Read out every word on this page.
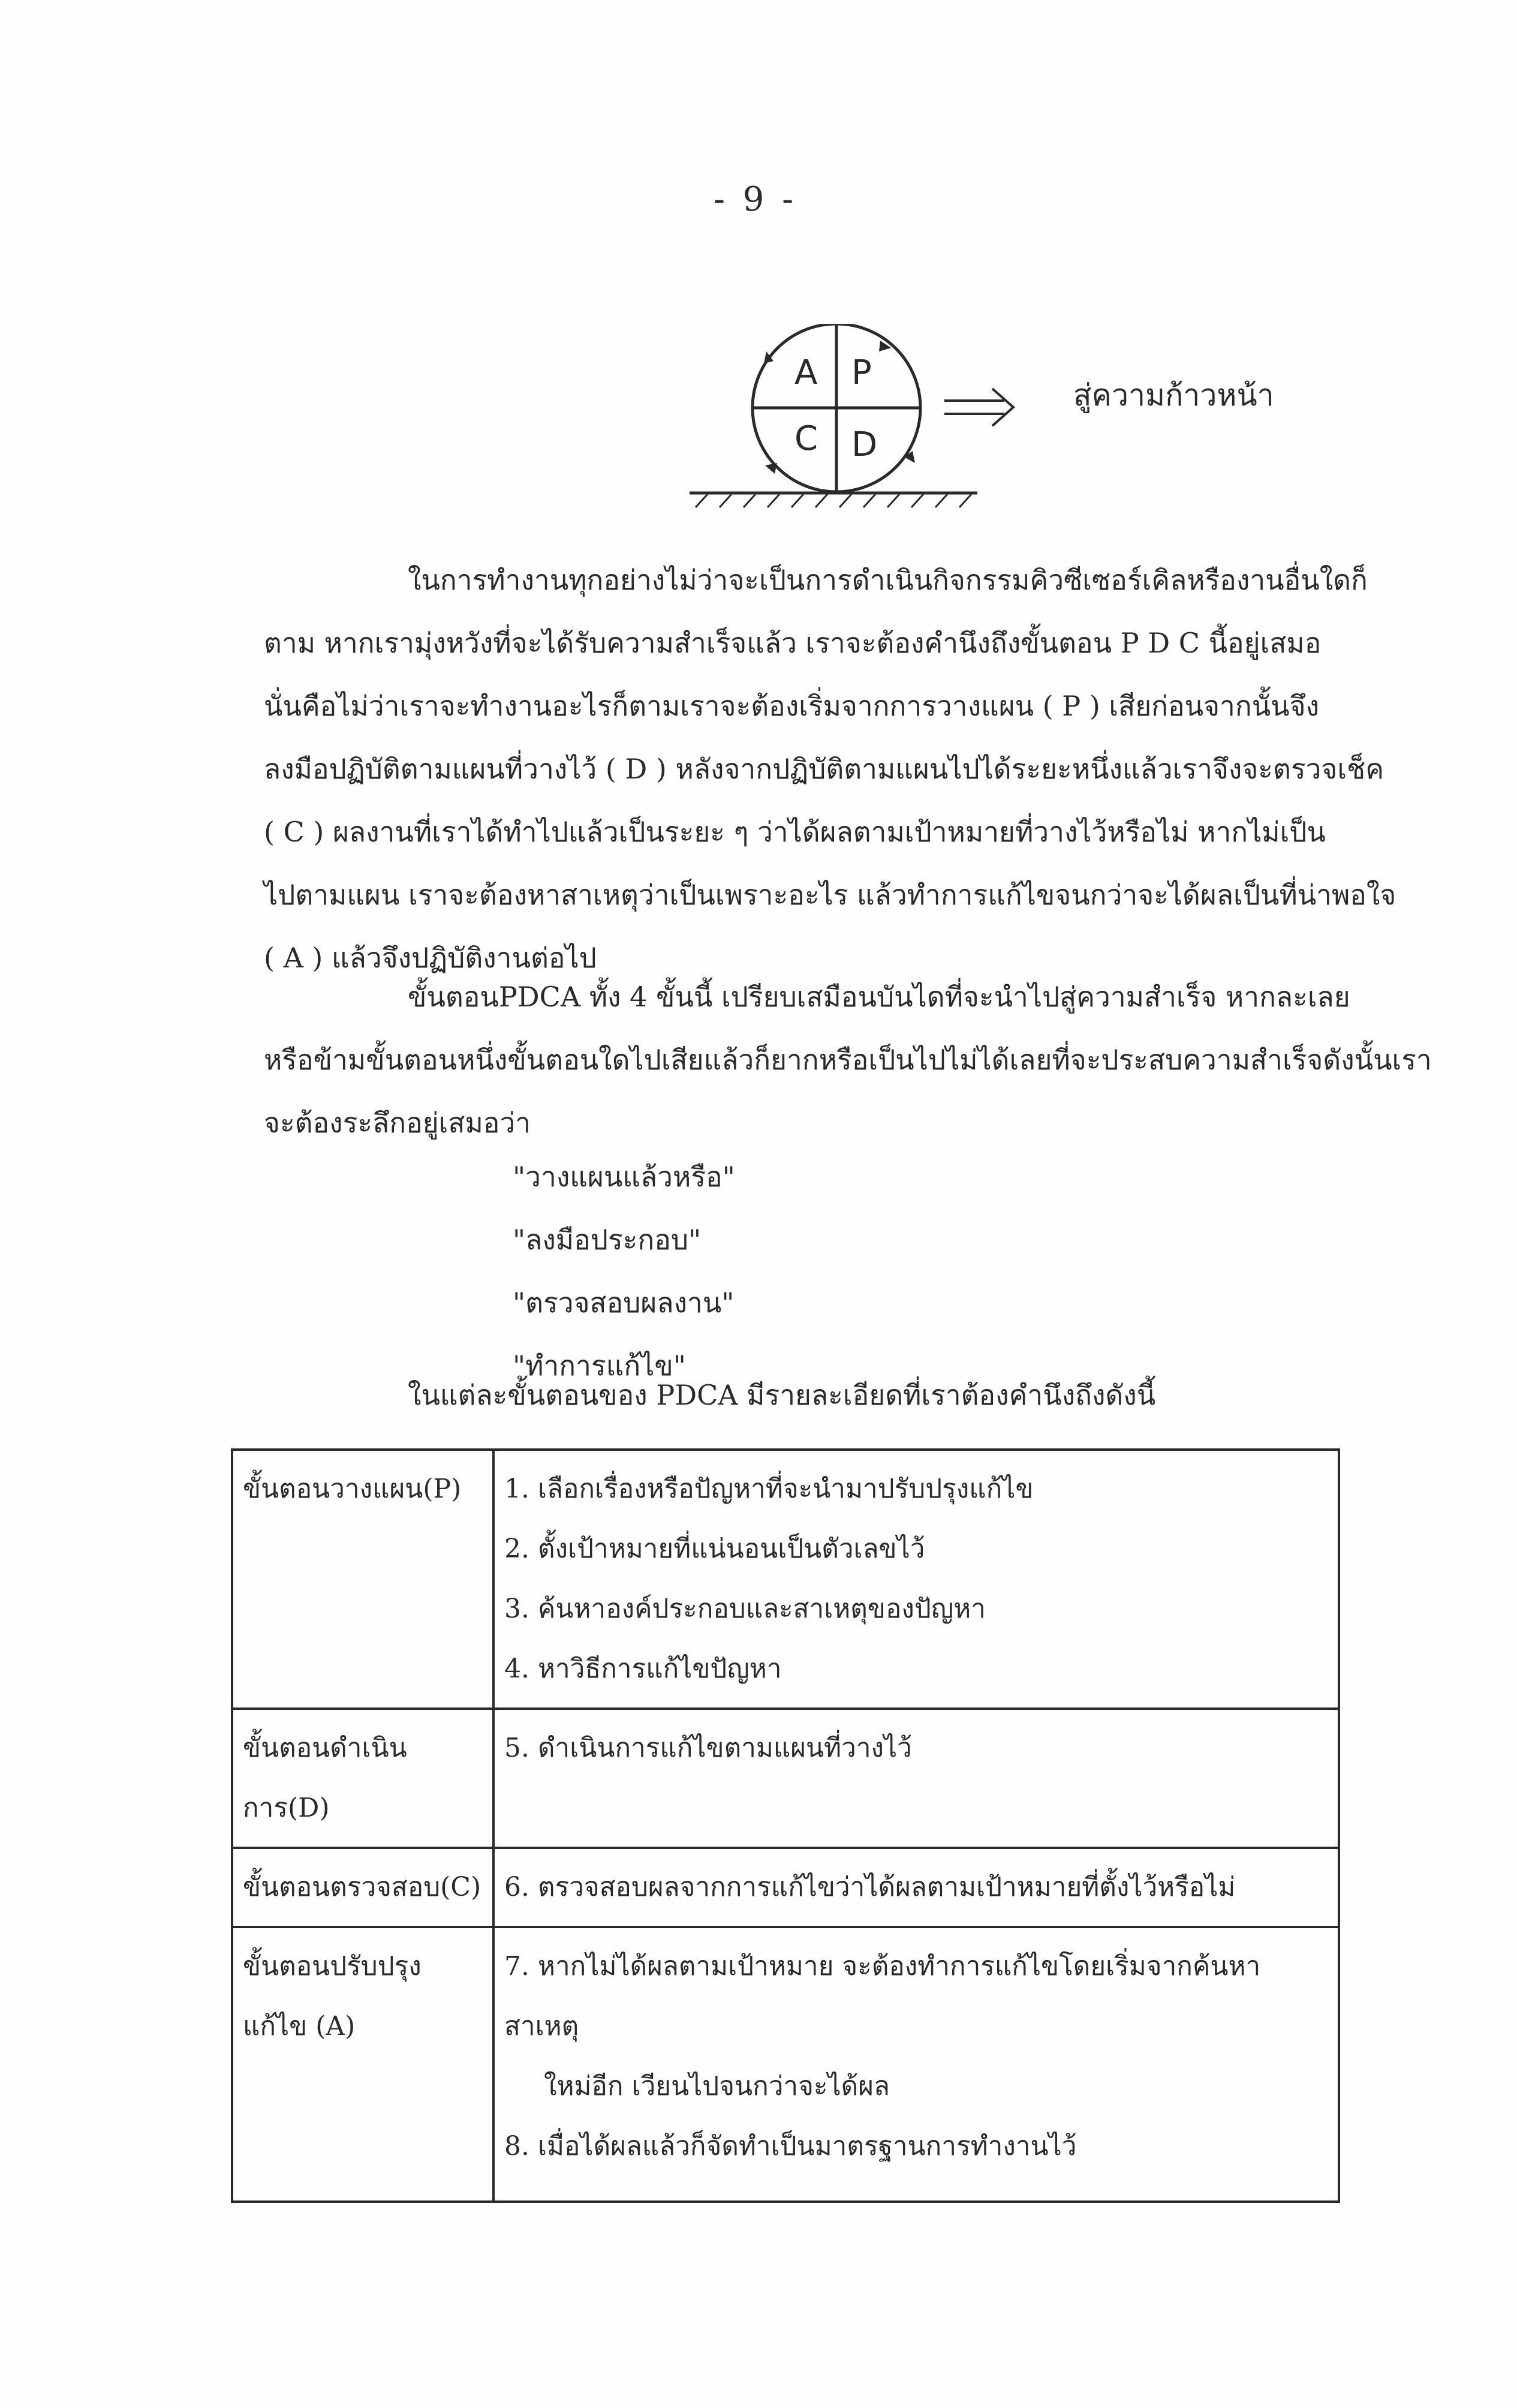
- 9 -
A P
C D
สู่ความก้าวหน้า
ในการทำงานทุกอย่างไม่ว่าจะเป็นการดำเนินกิจกรรมคิวซีเซอร์เคิลหรืองานอื่นใดก็
ตาม หากเรามุ่งหวังที่จะได้รับความสำเร็จแล้ว เราจะต้องคำนึงถึงขั้นตอน P D C นี้อยู่เสมอ
นั่นคือไม่ว่าเราจะทำงานอะไรก็ตามเราจะต้องเริ่มจากการวางแผน ( P ) เสียก่อนจากนั้นจึง
ลงมือปฏิบัติตามแผนที่วางไว้ ( D ) หลังจากปฏิบัติตามแผนไปได้ระยะหนึ่งแล้วเราจึงจะตรวจเช็ค
( C ) ผลงานที่เราได้ทำไปแล้วเป็นระยะ ๆ ว่าได้ผลตามเป้าหมายที่วางไว้หรือไม่ หากไม่เป็น
ไปตามแผน เราจะต้องหาสาเหตุว่าเป็นเพราะอะไร แล้วทำการแก้ไขจนกว่าจะได้ผลเป็นที่น่าพอใจ
( A ) แล้วจึงปฏิบัติงานต่อไป
ขั้นตอนPDCA ทั้ง 4 ขั้นนี้ เปรียบเสมือนบันไดที่จะนำไปสู่ความสำเร็จ หากละเลย
หรือข้ามขั้นตอนหนึ่งขั้นตอนใดไปเสียแล้วก็ยากหรือเป็นไปไม่ได้เลยที่จะประสบความสำเร็จดังนั้นเรา
จะต้องระลึกอยู่เสมอว่า
"วางแผนแล้วหรือ"
"ลงมือประกอบ"
"ตรวจสอบผลงาน"
"ทำการแก้ไข"
ในแต่ละขั้นตอนของ PDCA มีรายละเอียดที่เราต้องคำนึงถึงดังนี้
ขั้นตอนวางแผน(P)	1. เลือกเรื่องหรือปัญหาที่จะนำมาปรับปรุงแก้ไข
2. ตั้งเป้าหมายที่แน่นอนเป็นตัวเลขไว้
3. ค้นหาองค์ประกอบและสาเหตุของปัญหา
4. หาวิธีการแก้ไขปัญหา

ขั้นตอนดำเนินการ(D)	5. ดำเนินการแก้ไขตามแผนที่วางไว้

ขั้นตอนตรวจสอบ(C)	6. ตรวจสอบผลจากการแก้ไขว่าได้ผลตามเป้าหมายที่ตั้งไว้หรือไม่

ขั้นตอนปรับปรุง
แก้ไข (A)	7. หากไม่ได้ผลตามเป้าหมาย จะต้องทำการแก้ไขโดยเริ่มจากค้นหาสาเหตุ
ใหม่อีก เวียนไปจนกว่าจะได้ผล
8. เมื่อได้ผลแล้วก็จัดทำเป็นมาตรฐานการทำงานไว้
